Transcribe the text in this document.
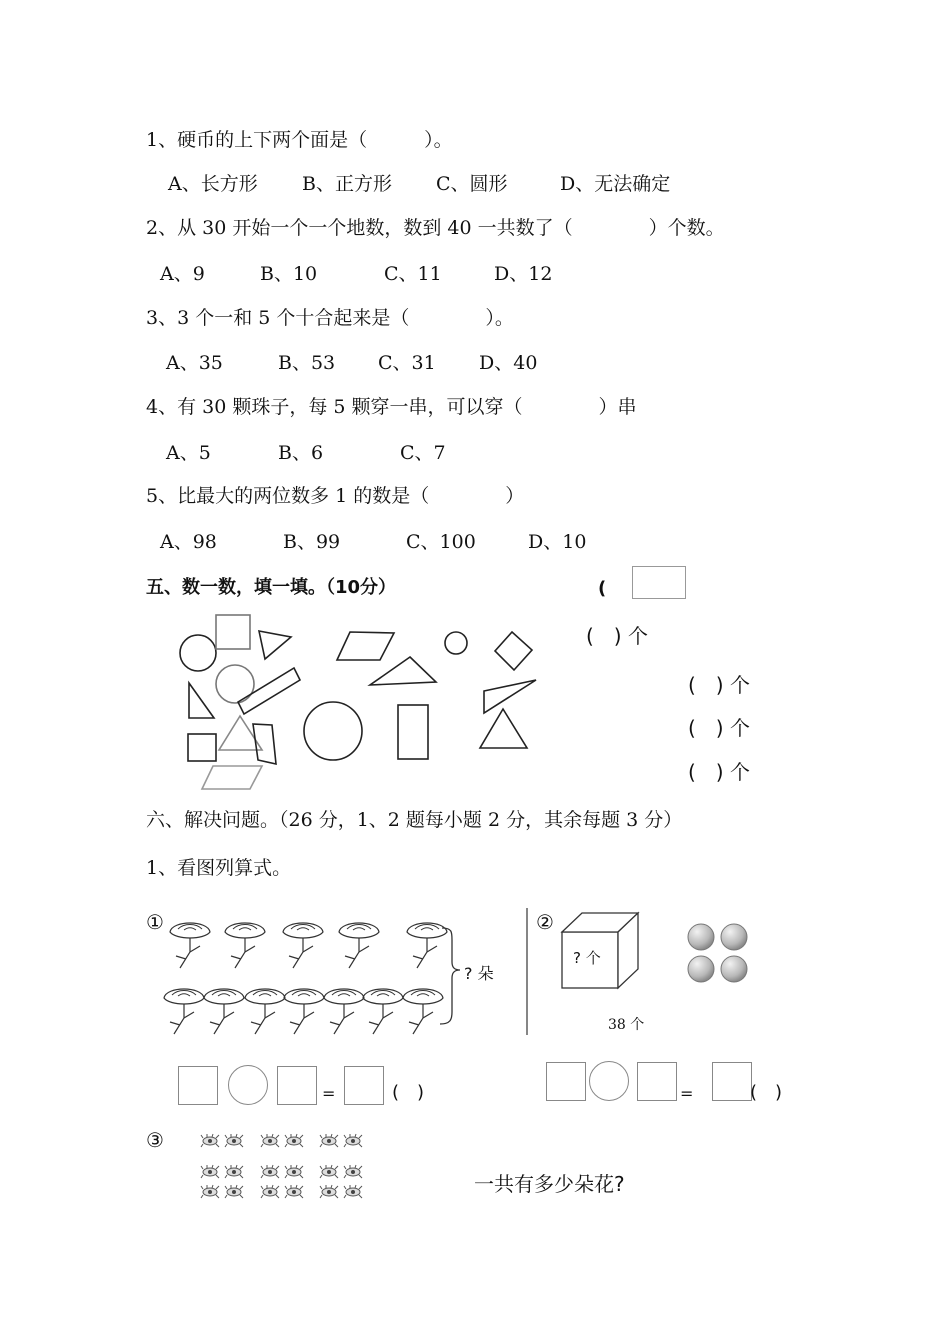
1、硬币的上下两个面是（　　　）。
A、长方形 B、正方形 C、圆形	D、无法确定
2、从 30 开始一个一个地数，数到 40 一共数了（　　　　）个数。
A、9	B、10	C、11	D、12
3、3 个一和 5 个十合起来是（　　　　）。
A、35	B、53 C、31 D、40
4、有 30 颗珠子，每 5 颗穿一串，可以穿（　　　　）串
A、5	B、6	C、7
5、比最大的两位数多 1 的数是（　　　　）
A、98	B、99	C、100	D、10
五、数一数，填一填。（10分）	(
(　) 个
(　) 个
(　) 个
(　) 个
六、解决问题。（26 分，1、2 题每小题 2 分，其余每题 3 分）
1、看图列算式。
①
? 朵
=	(　)
②
? 个
38 个
=	(　)
③
一共有多少朵花?
